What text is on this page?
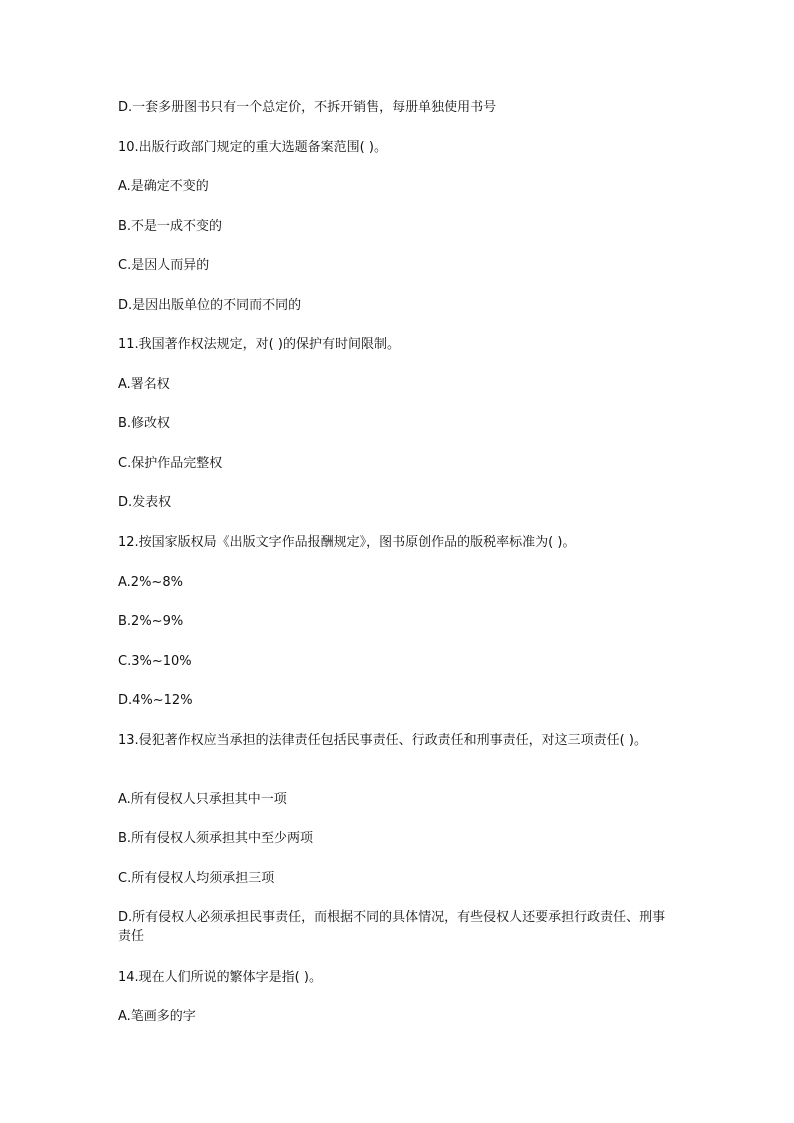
D.一套多册图书只有一个总定价，不拆开销售，每册单独使用书号
10.出版行政部门规定的重大选题备案范围( )。
A.是确定不变的
B.不是一成不变的
C.是因人而异的
D.是因出版单位的不同而不同的
11.我国著作权法规定，对( )的保护有时间限制。
A.署名权
B.修改权
C.保护作品完整权
D.发表权
12.按国家版权局《出版文字作品报酬规定》，图书原创作品的版税率标准为( )。
A.2%~8%
B.2%~9%
C.3%~10%
D.4%~12%
13.侵犯著作权应当承担的法律责任包括民事责任、行政责任和刑事责任，对这三项责任( )。
A.所有侵权人只承担其中一项
B.所有侵权人须承担其中至少两项
C.所有侵权人均须承担三项
D.所有侵权人必须承担民事责任，而根据不同的具体情况，有些侵权人还要承担行政责任、刑事责任
14.现在人们所说的繁体字是指( )。
A.笔画多的字
